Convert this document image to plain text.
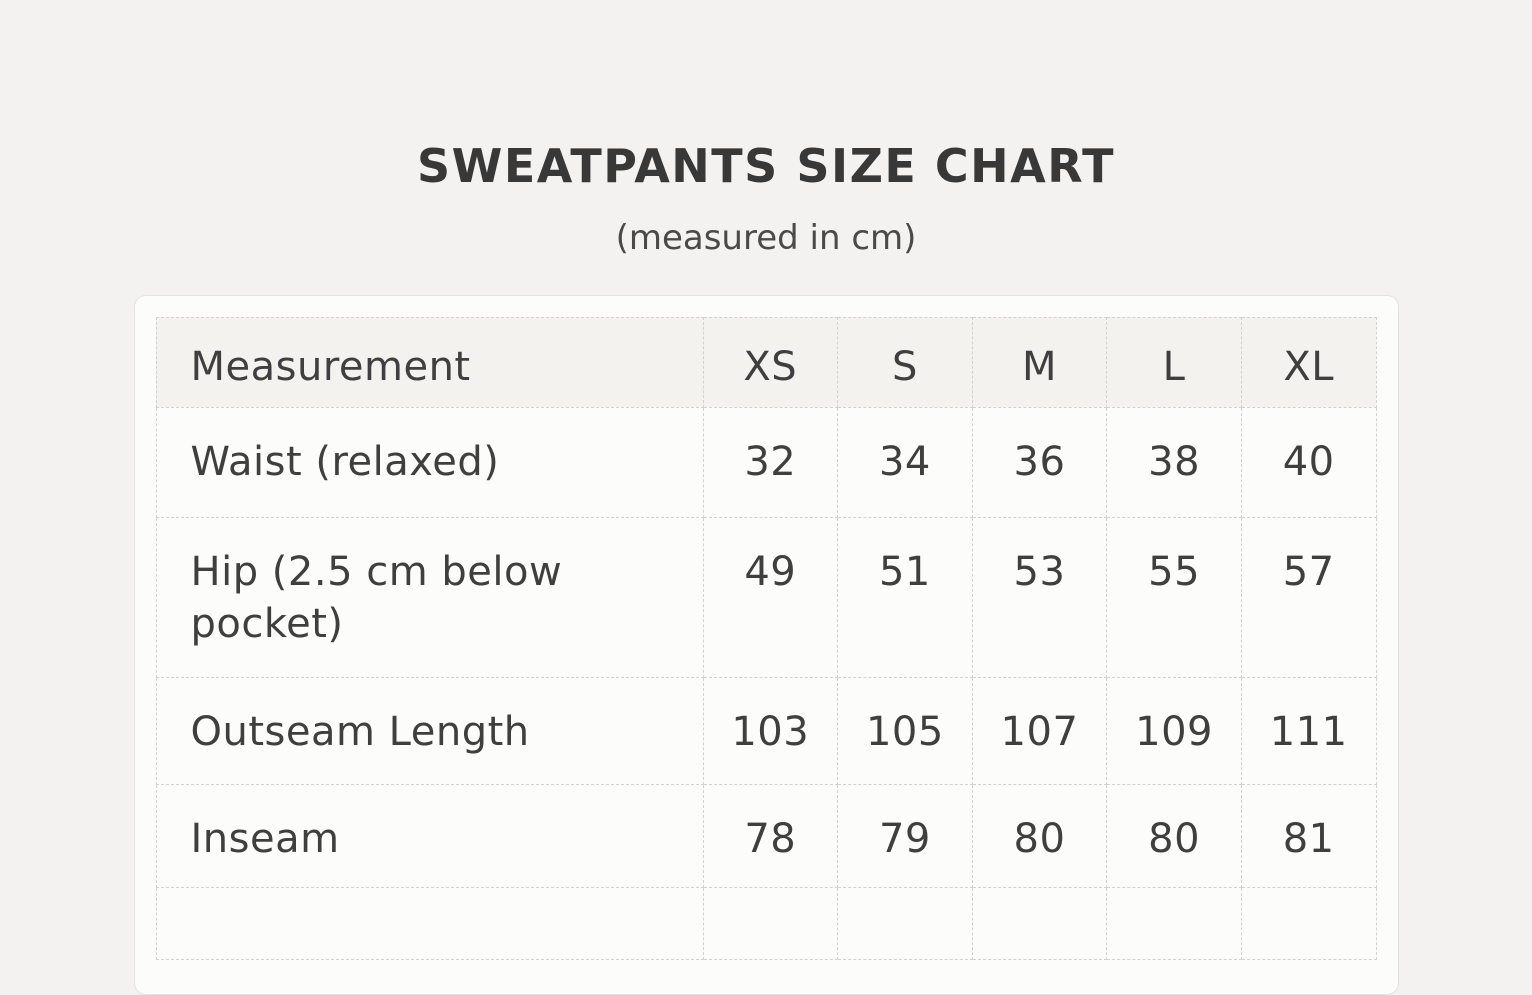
SWEATPANTS SIZE CHART
(measured in cm)
Measurement	XS	S	M	L	XL
Waist (relaxed)	32	34	36	38	40
Hip (2.5 cm below pocket)	49	51	53	55	57
Outseam Length	103	105	107	109	111
Inseam	78	79	80	80	81
